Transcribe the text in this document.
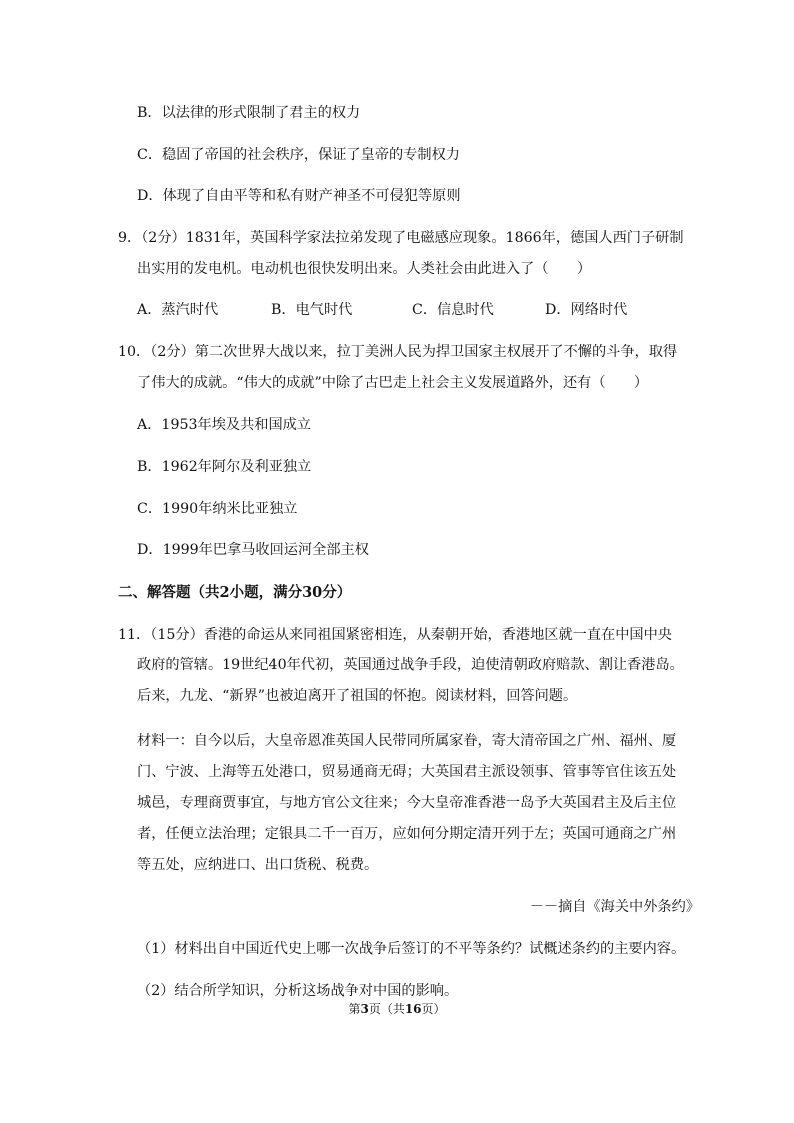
B．以法律的形式限制了君主的权力
C．稳固了帝国的社会秩序，保证了皇帝的专制权力
D．体现了自由平等和私有财产神圣不可侵犯等原则
9．（2分）1831年，英国科学家法拉弟发现了电磁感应现象。1866年，德国人西门子研制
出实用的发电机。电动机也很快发明出来。人类社会由此进入了（　　）
A．蒸汽时代	B．电气时代	C．信息时代	D．网络时代
10．（2分）第二次世界大战以来，拉丁美洲人民为捍卫国家主权展开了不懈的斗争，取得
了伟大的成就。“伟大的成就”中除了古巴走上社会主义发展道路外，还有（　　）
A．1953年埃及共和国成立
B．1962年阿尔及利亚独立
C．1990年纳米比亚独立
D．1999年巴拿马收回运河全部主权
二、解答题（共2小题，满分30分）
11．（15分）香港的命运从来同祖国紧密相连，从秦朝开始，香港地区就一直在中国中央
政府的管辖。19世纪40年代初，英国通过战争手段，迫使清朝政府赔款、割让香港岛。
后来，九龙、“新界”也被迫离开了祖国的怀抱。阅读材料，回答问题。
材料一：自今以后，大皇帝恩准英国人民带同所属家眷，寄大清帝国之广州、福州、厦
门、宁波、上海等五处港口，贸易通商无碍；大英国君主派设领事、管事等官住该五处
城邑，专理商贾事宜，与地方官公文往来；今大皇帝准香港一岛予大英国君主及后主位
者，任便立法治理；定银具二千一百万，应如何分期定清开列于左；英国可通商之广州
等五处，应纳进口、出口货税、税费。
－－摘自《海关中外条约》
（1）材料出自中国近代史上哪一次战争后签订的不平等条约？试概述条约的主要内容。
（2）结合所学知识，分析这场战争对中国的影响。
第3页（共16页）
